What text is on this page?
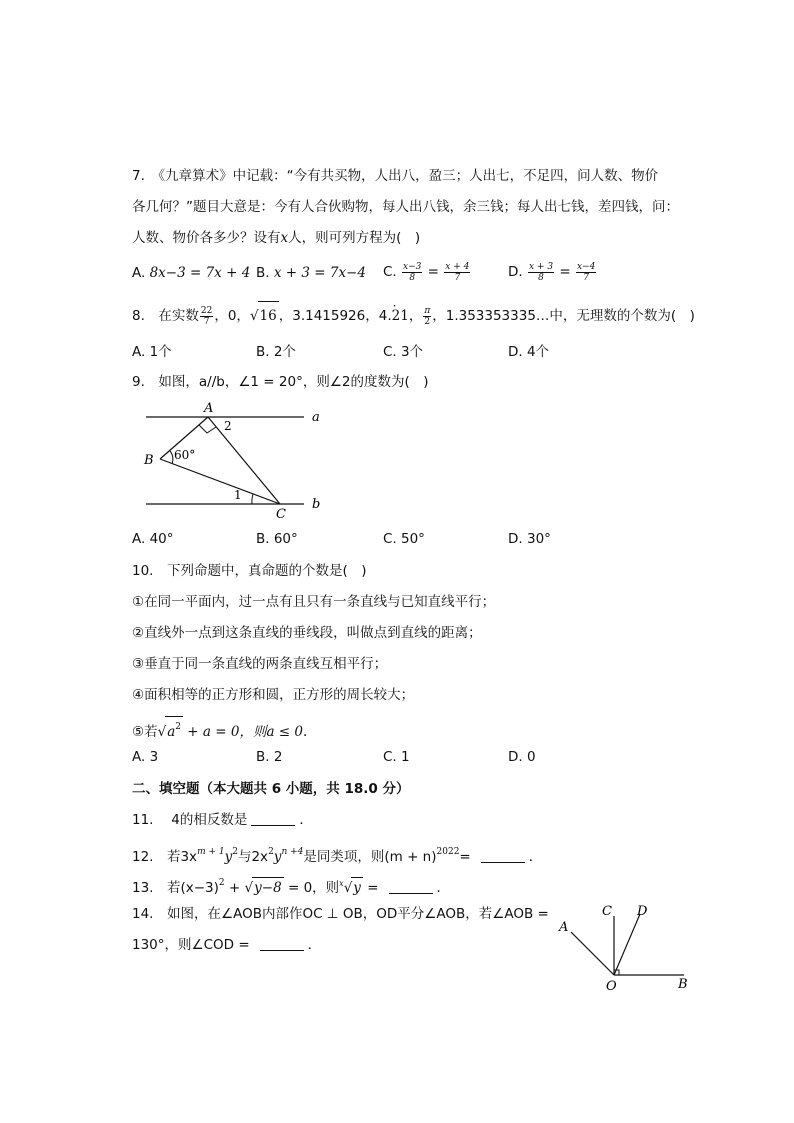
7.　《九章算术》中记载：“今有共买物，人出八，盈三；人出七，不足四，问人数、物价
各几何？”题目大意是：今有人合伙购物，每人出八钱，余三钱；每人出七钱，差四钱，问：
人数、物价各多少？设有x人，则可列方程为(　)
A. 8x−3 = 7x + 4 B. x + 3 = 7x−4 C. $\frac{x-3}{8} = \frac{x + 4}{7}$	D. $\frac{x + 3}{8} = \frac{x-4}{7}$
8.　在实数 $\frac{22}{7}$ ，0，√16 ，3.1415926，4.· 21， $\frac{\pi}{2}$ ，1.353353335…中，无理数的个数为(　)
A. 1个	B. 2个	C. 3个	D. 4个
9.　如图，a//b，∠1 = 20°，则∠2的度数为(　)
A
B
C
a
b
1
2
60°
A. 40°	B. 60°	C. 50°	D. 30°
10.　下列命题中，真命题的个数是(　)
①在同一平面内，过一点有且只有一条直线与已知直线平行；
②直线外一点到这条直线的垂线段，叫做点到直线的距离；
③垂直于同一条直线的两条直线互相平行；
④面积相等的正方形和圆，正方形的周长较大；
⑤若$√a^2 + a = 0$，则a ≤ 0.
A. 3	B. 2	C. 1	D. 0
二、填空题（本大题共 6 小题，共 18.0 分）
11.　 4的相反数是	．
12.　若$3x^{m + 1}y^2$与$2x^2y^{n +4}$是同类项，则$(m + n)^{2022}=$	．
13.　若$(x-3)^2 + √y-8 = 0$，则$^x$√y =	．
14.　如图，在∠AOB内部作OC ⊥ OB，OD平分∠AOB，若∠AOB =
130°，则∠COD =	．
A
C D
O	B
